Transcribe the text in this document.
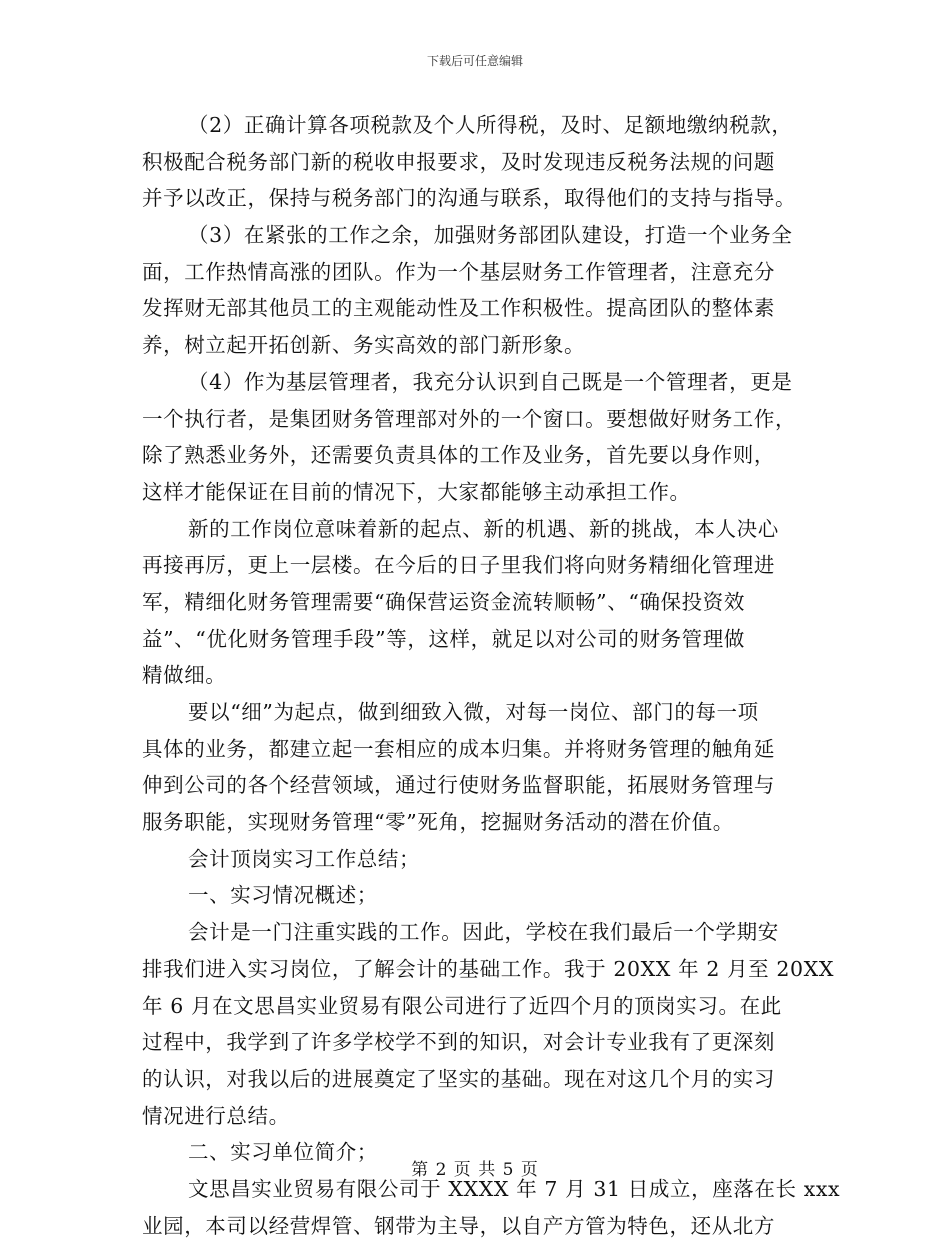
下载后可任意编辑
（2）正确计算各项税款及个人所得税，及时、足额地缴纳税款，
积极配合税务部门新的税收申报要求，及时发现违反税务法规的问题
并予以改正，保持与税务部门的沟通与联系，取得他们的支持与指导。
（3）在紧张的工作之余，加强财务部团队建设，打造一个业务全
面，工作热情高涨的团队。作为一个基层财务工作管理者，注意充分
发挥财无部其他员工的主观能动性及工作积极性。提高团队的整体素
养，树立起开拓创新、务实高效的部门新形象。
（4）作为基层管理者，我充分认识到自己既是一个管理者，更是
一个执行者，是集团财务管理部对外的一个窗口。要想做好财务工作，
除了熟悉业务外，还需要负责具体的工作及业务，首先要以身作则，
这样才能保证在目前的情况下，大家都能够主动承担工作。
新的工作岗位意味着新的起点、新的机遇、新的挑战，本人决心
再接再厉，更上一层楼。在今后的日子里我们将向财务精细化管理进
军，精细化财务管理需要“确保营运资金流转顺畅”、“确保投资效
益”、“优化财务管理手段”等，这样，就足以对公司的财务管理做
精做细。
要以“细”为起点，做到细致入微，对每一岗位、部门的每一项
具体的业务，都建立起一套相应的成本归集。并将财务管理的触角延
伸到公司的各个经营领域，通过行使财务监督职能，拓展财务管理与
服务职能，实现财务管理“零”死角，挖掘财务活动的潜在价值。
会计顶岗实习工作总结；
一、实习情况概述；
会计是一门注重实践的工作。因此，学校在我们最后一个学期安
排我们进入实习岗位，了解会计的基础工作。我于 20XX 年 2 月至 20XX
年 6 月在文思昌实业贸易有限公司进行了近四个月的顶岗实习。在此
过程中，我学到了许多学校学不到的知识，对会计专业我有了更深刻
的认识，对我以后的进展奠定了坚实的基础。现在对这几个月的实习
情况进行总结。
二、实习单位简介；
文思昌实业贸易有限公司于 XXXX 年 7 月 31 日成立，座落在长 xxx
业园，本司以经营焊管、钢带为主导，以自产方管为特色，还从北方
第 2 页 共 5 页
